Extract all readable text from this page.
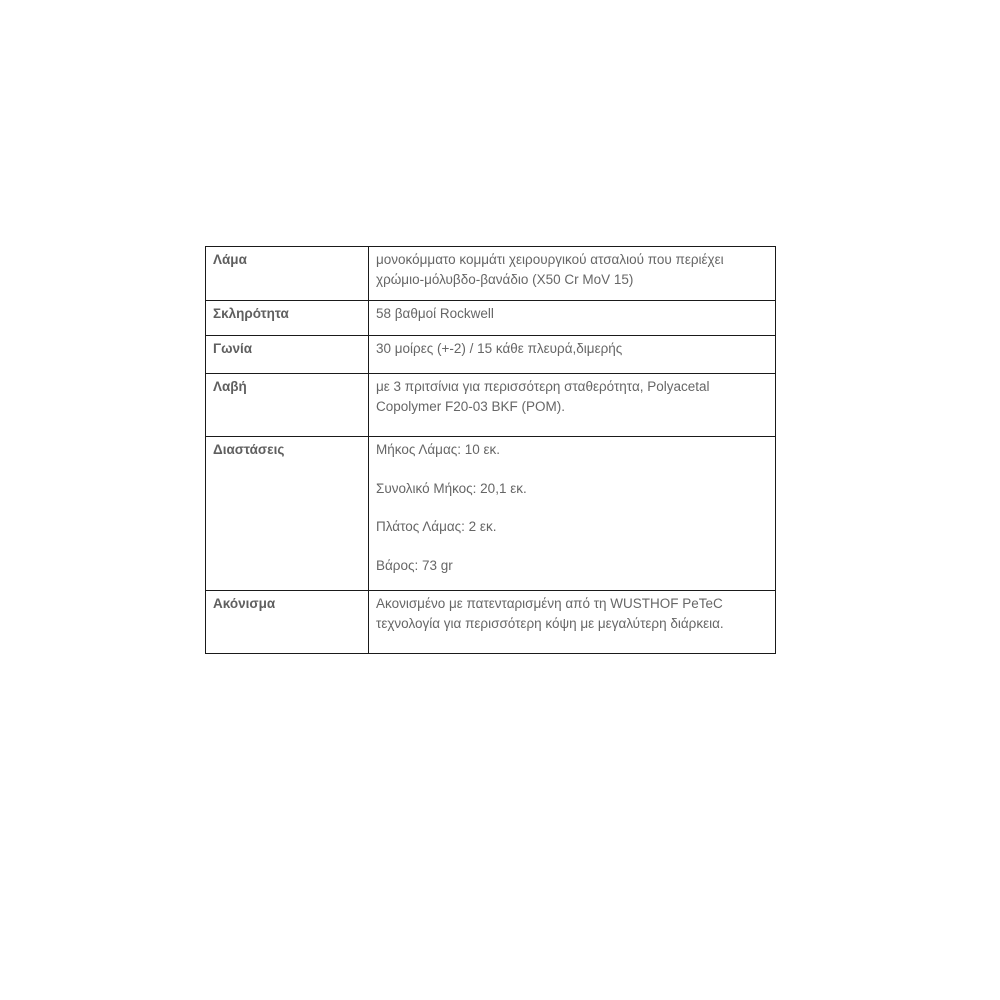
Λάμα	μονοκόμματο κομμάτι χειρουργικού ατσαλιού που περιέχει
χρώμιο-μόλυβδο-βανάδιο (Χ50 Cr MoV 15)

Σκληρότητα	58 βαθμοί Rockwell

Γωνία	30 μοίρες (+-2) / 15 κάθε πλευρά,διμερής

Λαβή	με 3 πριτσίνια για περισσότερη σταθερότητα, Polyacetal
Copolymer F20-03 BKF (POM).

Διαστάσεις	Μήκος Λάμας: 10 εκ.
Συνολικό Μήκος: 20,1 εκ.
Πλάτος Λάμας: 2 εκ.
Βάρος: 73 gr

Ακόνισμα	Ακονισμένο με πατενταρισμένη από τη WUSTHOF PeTeC
τεχνολογία για περισσότερη κόψη με μεγαλύτερη διάρκεια.
